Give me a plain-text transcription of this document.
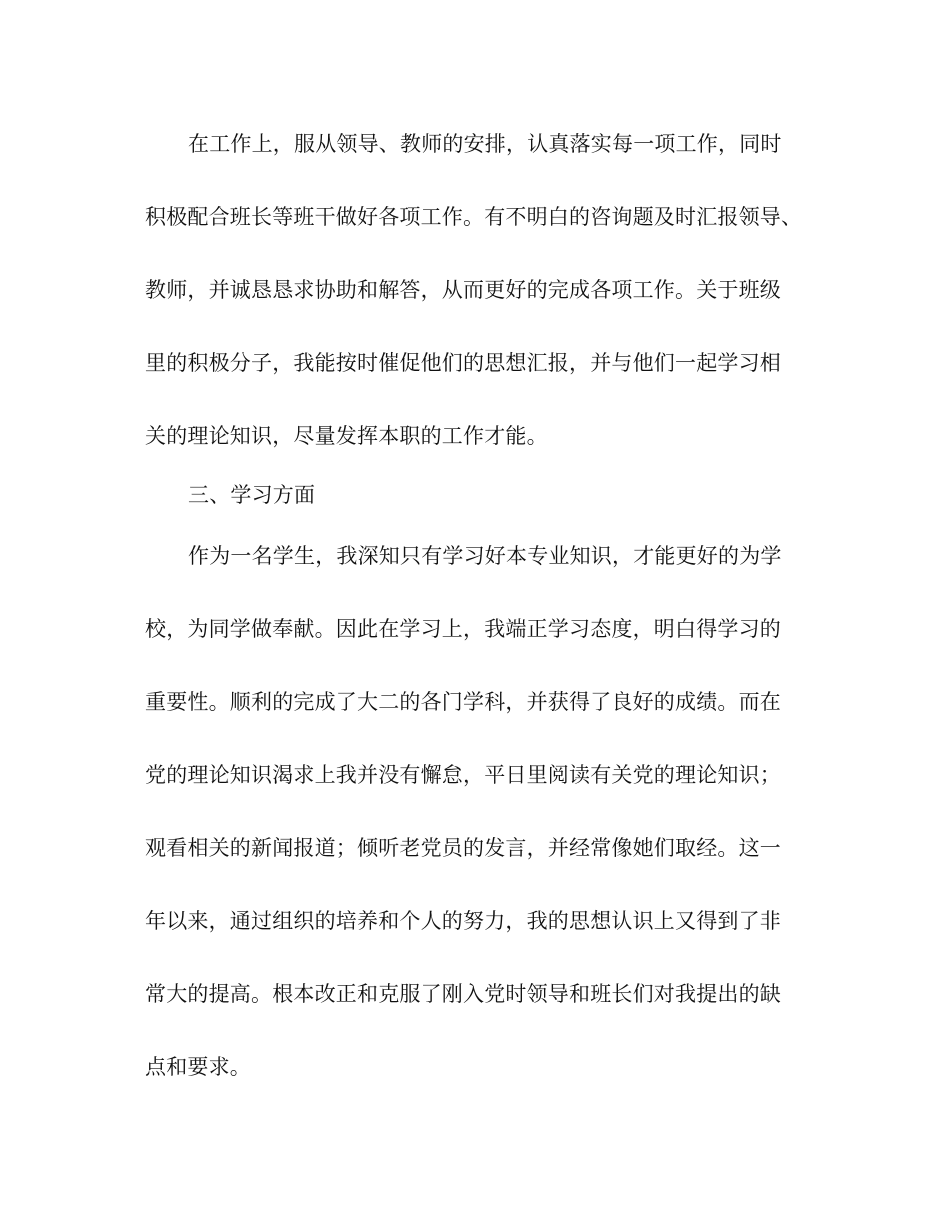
在工作上，服从领导、教师的安排，认真落实每一项工作，同时
积极配合班长等班干做好各项工作。有不明白的咨询题及时汇报领导、
教师，并诚恳恳求协助和解答，从而更好的完成各项工作。关于班级
里的积极分子，我能按时催促他们的思想汇报，并与他们一起学习相
关的理论知识，尽量发挥本职的工作才能。
三、学习方面
作为一名学生，我深知只有学习好本专业知识，才能更好的为学
校，为同学做奉献。因此在学习上，我端正学习态度，明白得学习的
重要性。顺利的完成了大二的各门学科，并获得了良好的成绩。而在
党的理论知识渴求上我并没有懈怠，平日里阅读有关党的理论知识；
观看相关的新闻报道；倾听老党员的发言，并经常像她们取经。这一
年以来，通过组织的培养和个人的努力，我的思想认识上又得到了非
常大的提高。根本改正和克服了刚入党时领导和班长们对我提出的缺
点和要求。
